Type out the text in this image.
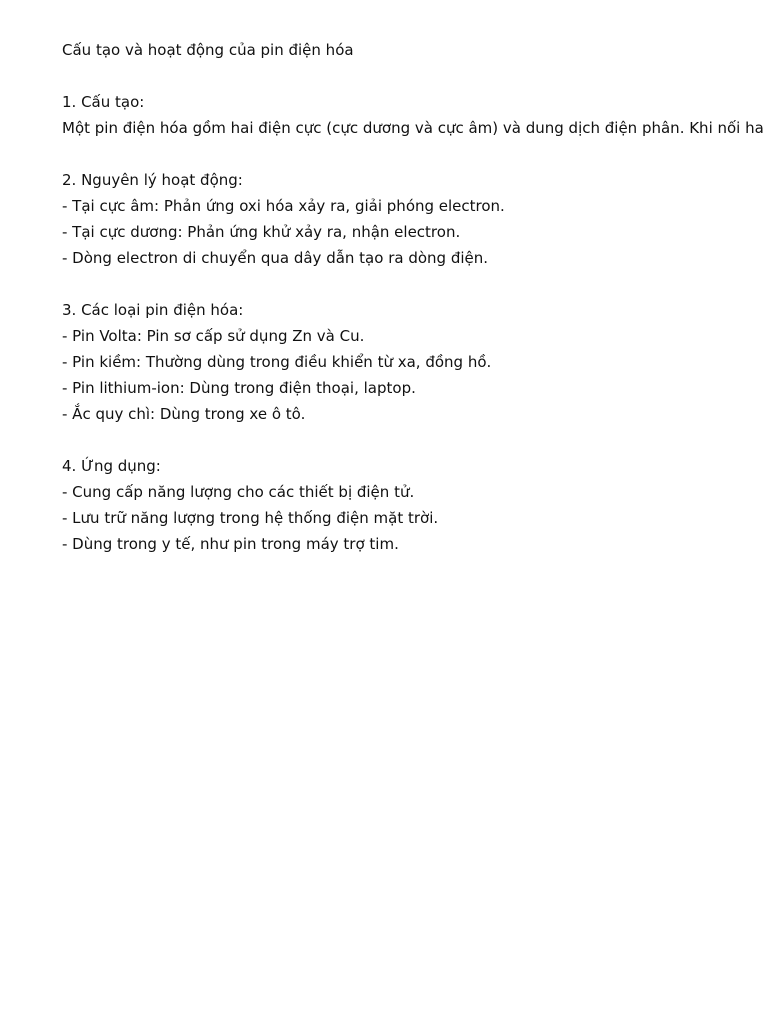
Cấu tạo và hoạt động của pin điện hóa
1. Cấu tạo:
Một pin điện hóa gồm hai điện cực (cực dương và cực âm) và dung dịch điện phân. Khi nối ha
2. Nguyên lý hoạt động:
- Tại cực âm: Phản ứng oxi hóa xảy ra, giải phóng electron.
- Tại cực dương: Phản ứng khử xảy ra, nhận electron.
- Dòng electron di chuyển qua dây dẫn tạo ra dòng điện.
3. Các loại pin điện hóa:
- Pin Volta: Pin sơ cấp sử dụng Zn và Cu.
- Pin kiềm: Thường dùng trong điều khiển từ xa, đồng hồ.
- Pin lithium-ion: Dùng trong điện thoại, laptop.
- Ắc quy chì: Dùng trong xe ô tô.
4. Ứng dụng:
- Cung cấp năng lượng cho các thiết bị điện tử.
- Lưu trữ năng lượng trong hệ thống điện mặt trời.
- Dùng trong y tế, như pin trong máy trợ tim.
